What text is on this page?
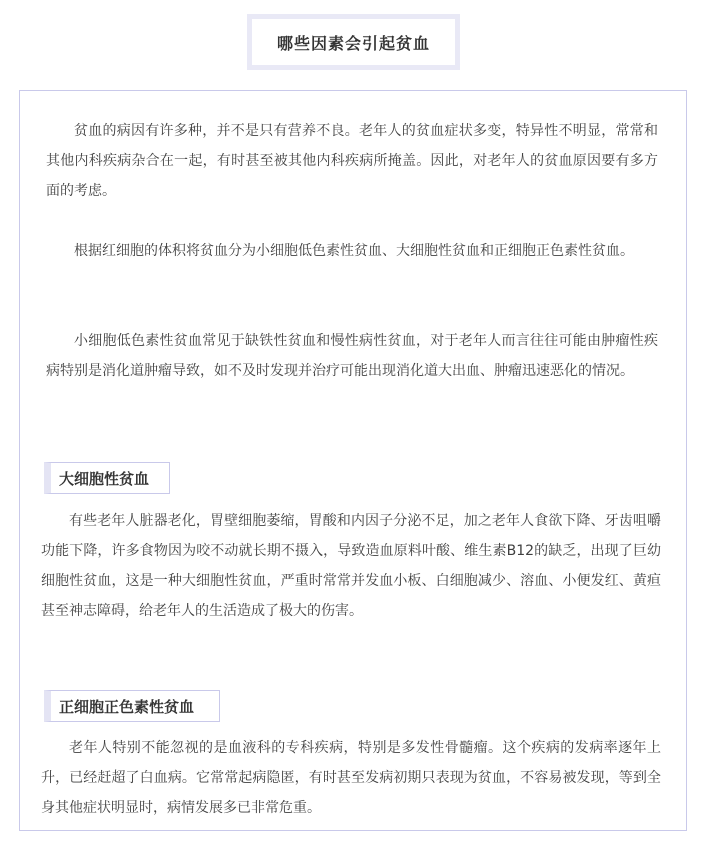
哪些因素会引起贫血

贫血的病因有许多种，并不是只有营养不良。老年人的贫血症状多变，特异性不明显，常常和其他内科疾病杂合在一起，有时甚至被其他内科疾病所掩盖。因此，对老年人的贫血原因要有多方面的考虑。

根据红细胞的体积将贫血分为小细胞低色素性贫血、大细胞性贫血和正细胞正色素性贫血。

小细胞低色素性贫血常见于缺铁性贫血和慢性病性贫血，对于老年人而言往往可能由肿瘤性疾病特别是消化道肿瘤导致，如不及时发现并治疗可能出现消化道大出血、肿瘤迅速恶化的情况。

大细胞性贫血

有些老年人脏器老化，胃壁细胞萎缩，胃酸和内因子分泌不足，加之老年人食欲下降、牙齿咀嚼功能下降，许多食物因为咬不动就长期不摄入，导致造血原料叶酸、维生素B12的缺乏，出现了巨幼细胞性贫血，这是一种大细胞性贫血，严重时常常并发血小板、白细胞减少、溶血、小便发红、黄疸甚至神志障碍，给老年人的生活造成了极大的伤害。

正细胞正色素性贫血

老年人特别不能忽视的是血液科的专科疾病，特别是多发性骨髓瘤。这个疾病的发病率逐年上升，已经赶超了白血病。它常常起病隐匿，有时甚至发病初期只表现为贫血，不容易被发现，等到全身其他症状明显时，病情发展多已非常危重。
